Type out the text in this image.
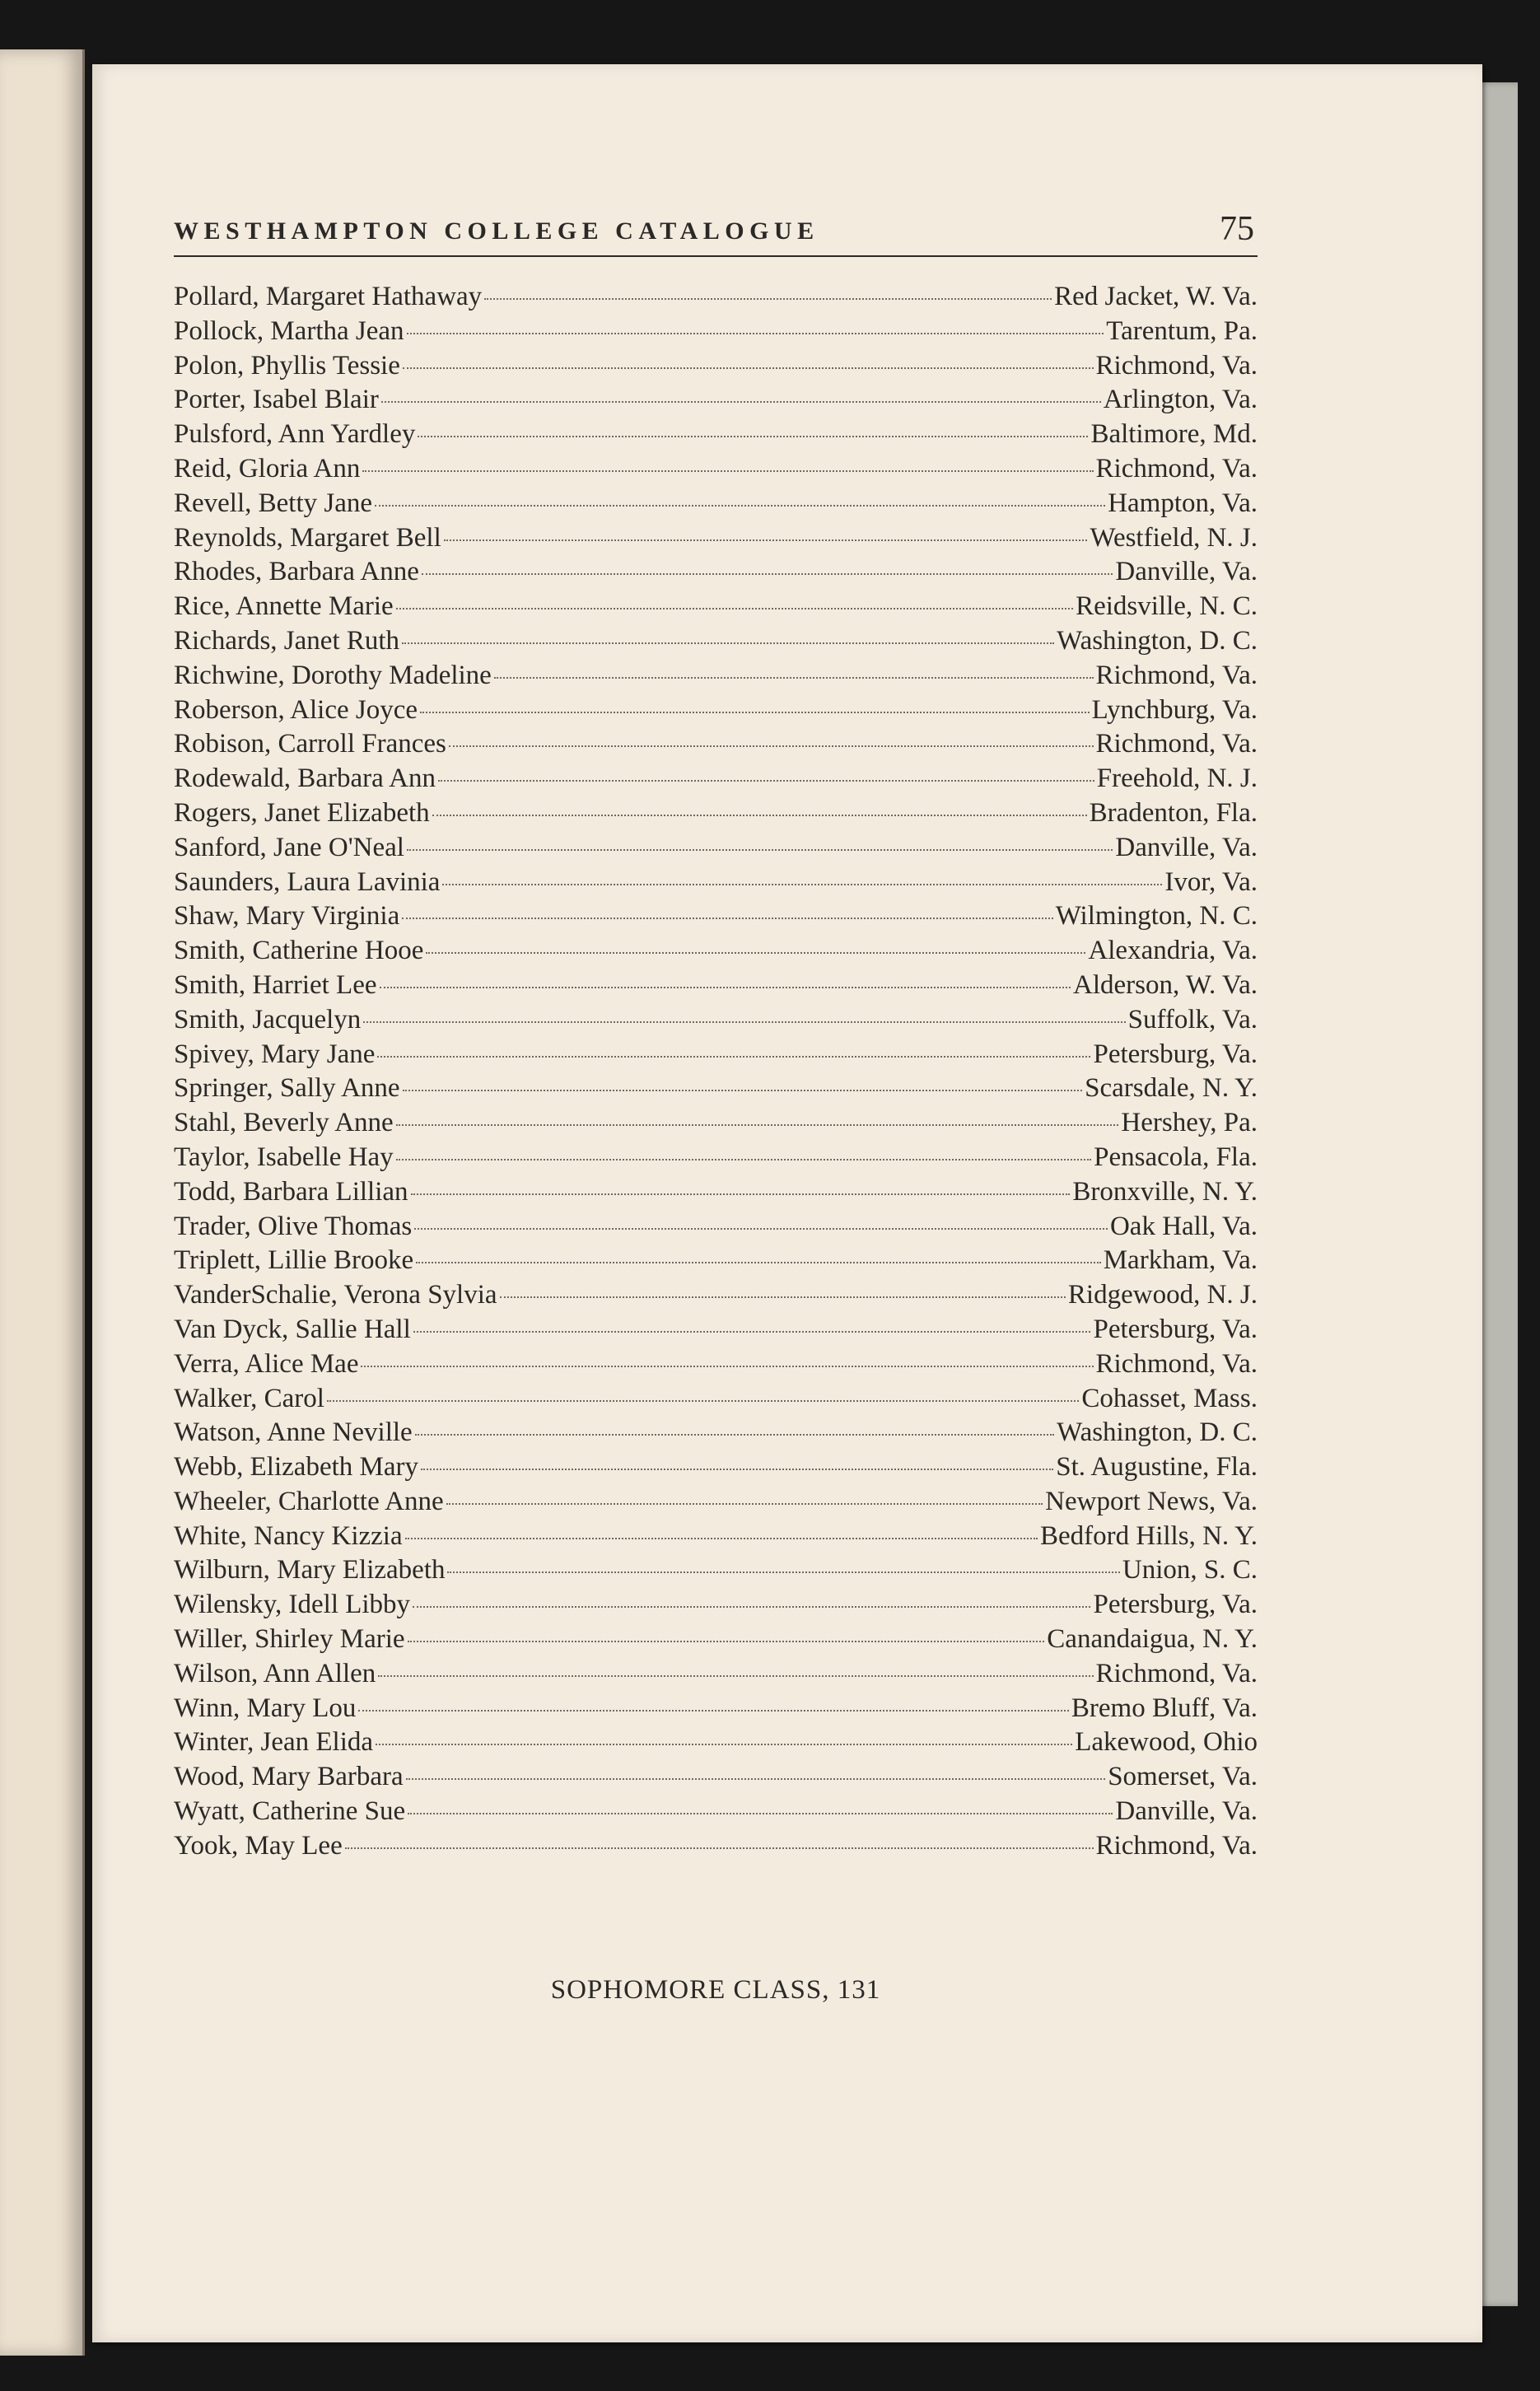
WESTHAMPTON COLLEGE CATALOGUE	75
Pollard, Margaret Hathaway	Red Jacket, W. Va.
Pollock, Martha Jean	Tarentum, Pa.
Polon, Phyllis Tessie	Richmond, Va.
Porter, Isabel Blair	Arlington, Va.
Pulsford, Ann Yardley	Baltimore, Md.
Reid, Gloria Ann	Richmond, Va.
Revell, Betty Jane	Hampton, Va.
Reynolds, Margaret Bell	Westfield, N. J.
Rhodes, Barbara Anne	Danville, Va.
Rice, Annette Marie	Reidsville, N. C.
Richards, Janet Ruth	Washington, D. C.
Richwine, Dorothy Madeline	Richmond, Va.
Roberson, Alice Joyce	Lynchburg, Va.
Robison, Carroll Frances	Richmond, Va.
Rodewald, Barbara Ann	Freehold, N. J.
Rogers, Janet Elizabeth	Bradenton, Fla.
Sanford, Jane O'Neal	Danville, Va.
Saunders, Laura Lavinia	Ivor, Va.
Shaw, Mary Virginia	Wilmington, N. C.
Smith, Catherine Hooe	Alexandria, Va.
Smith, Harriet Lee	Alderson, W. Va.
Smith, Jacquelyn	Suffolk, Va.
Spivey, Mary Jane	Petersburg, Va.
Springer, Sally Anne	Scarsdale, N. Y.
Stahl, Beverly Anne	Hershey, Pa.
Taylor, Isabelle Hay	Pensacola, Fla.
Todd, Barbara Lillian	Bronxville, N. Y.
Trader, Olive Thomas	Oak Hall, Va.
Triplett, Lillie Brooke	Markham, Va.
VanderSchalie, Verona Sylvia	Ridgewood, N. J.
Van Dyck, Sallie Hall	Petersburg, Va.
Verra, Alice Mae	Richmond, Va.
Walker, Carol	Cohasset, Mass.
Watson, Anne Neville	Washington, D. C.
Webb, Elizabeth Mary	St. Augustine, Fla.
Wheeler, Charlotte Anne	Newport News, Va.
White, Nancy Kizzia	Bedford Hills, N. Y.
Wilburn, Mary Elizabeth	Union, S. C.
Wilensky, Idell Libby	Petersburg, Va.
Willer, Shirley Marie	Canandaigua, N. Y.
Wilson, Ann Allen	Richmond, Va.
Winn, Mary Lou	Bremo Bluff, Va.
Winter, Jean Elida	Lakewood, Ohio
Wood, Mary Barbara	Somerset, Va.
Wyatt, Catherine Sue	Danville, Va.
Yook, May Lee	Richmond, Va.
SOPHOMORE CLASS, 131
